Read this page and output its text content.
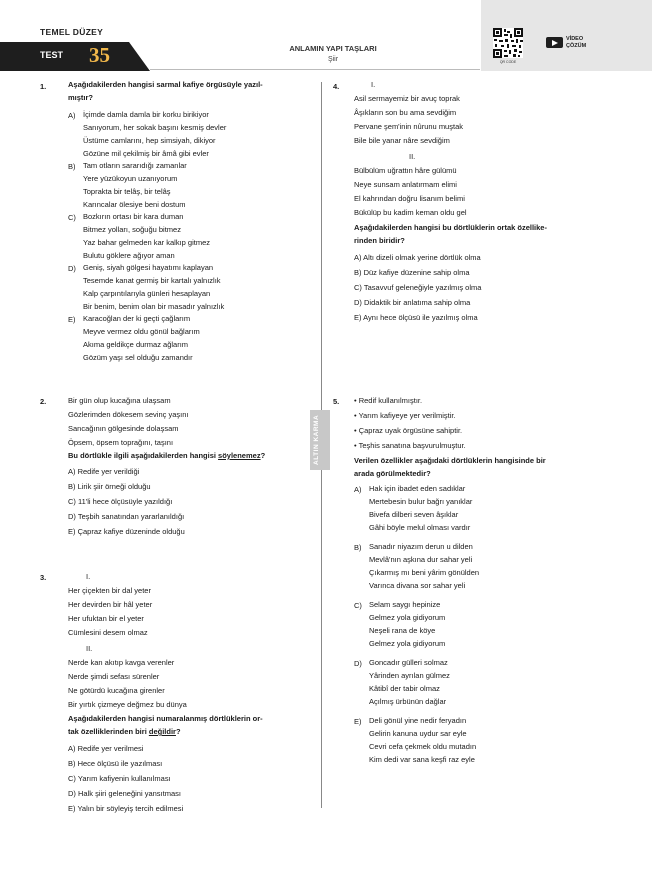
TEMEL DÜZEY
TEST 35	ANLAMIN YAPI TAŞLARI
Şiir	QR CODE
VİDEO
ÇÖZÜM
ALTIN KARMA
1.	Aşağıdakilerden hangisi sarmal kafiye örgüsüyle yazıl-
mıştır?
A) İçimde damla damla bir korku birikiyor
Sanıyorum, her sokak başını kesmiş devler
Üstüme camlarını, hep simsiyah, dikiyor
Gözüne mil çekilmiş bir âmâ gibi evler
B) Tam otların sararıdığı zamanlar
Yere yüzükoyun uzanıyorum
Toprakta bir telâş, bir telâş
Karıncalar ölesiye beni dostum
C) Bozkırın ortası bir kara duman
Bitmez yolları, soğuğu bitmez
Yaz bahar gelmeden kar kalkıp gitmez
Bulutu göklere ağıyor aman
D) Geniş, siyah gölgesi hayatımı kaplayan
Tesemde kanat germiş bir kartalı yalnızlık
Kalp çarpıntılarıyla günleri hesaplayan
Bir benim, benim olan bir masadır yalnızlık
E) Karacoğlan der ki geçti çağlarım
Meyve vermez oldu gönül bağlarım
Akıma geldikçe durmaz ağlarım
Gözüm yaşı sel olduğu zamandır
2.	Bir gün olup kucağına ulaşsam
Gözlerimden dökesem sevinç yaşını
Sancağının gölgesinde dolaşsam
Öpsem, öpsem toprağını, taşını
Bu dörtlükle ilgili aşağıdakilerden hangisi söylenemez?
A) Redife yer verildiği
B) Lirik şiir örneği olduğu
C) 11'li hece ölçüsüyle yazıldığı
D) Teşbih sanatından yararlanıldığı
E) Çapraz kafiye düzeninde olduğu
3.	I.
Her çiçekten bir dal yeter
Her devirden bir hâl yeter
Her ufuktan bir el yeter
Cümlesini desem olmaz
II.
Nerde kan akıtıp kavga verenler
Nerde şimdi sefası sürenler
Ne götürdü kucağına girenler
Bir yırtık çizmeye değmez bu dünya
Aşağıdakilerden hangisi numaralanmış dörtlüklerin or-
tak özelliklerinden biri değildir?
A) Redife yer verilmesi
B) Hece ölçüsü ile yazılması
C) Yarım kafiyenin kullanılması
D) Halk şiiri geleneğini yansıtması
E) Yalın bir söyleyiş tercih edilmesi
4.	I.
Asil sermayemiz bir avuç toprak
Âşıkların son bu ama sevdiğim
Pervane şem'inin nûrunu muştak
Bile bile yanar nâre sevdiğim
II.
Bülbülüm uğrattın hâre gülümü
Neye sunsam anlatırmam elimi
El kahrından doğru lisanım belimi
Bükülüp bu kadim keman oldu gel
Aşağıdakilerden hangisi bu dörtlüklerin ortak özellike-
rinden biridir?
A) Altı dizeli olmak yerine dörtlük olma
B) Düz kafiye düzenine sahip olma
C) Tasavvuf geleneğiyle yazılmış olma
D) Didaktik bir anlatıma sahip olma
E) Aynı hece ölçüsü ile yazılmış olma
5. • Redif kullanılmıştır.
• Yarım kafiyeye yer verilmiştir.
• Çapraz uyak örgüsüne sahiptir.
• Teşhis sanatına başvurulmuştur.
Verilen özellikler aşağıdaki dörtlüklerin hangisinde bir
arada görülmektedir?
A) Hak için ibadet eden sadıklar
Mertebesin bulur bağrı yanıklar
Bivefa dilberi seven âşıklar
Gâhi böyle melul olması vardır
B) Sanadır niyazım derun u dilden
Mevlâ'nın aşkına dur sahar yeli
Çıkarmış mı beni yârim gönülden
Varınca divana sor sahar yeli
C) Selam saygı hepinize
Gelmez yola gidiyorum
Neşeli rana de köye
Gelmez yola gidiyorum
D) Goncadır gülleri solmaz
Yârinden ayrılan gülmez
Kâtibî der tabir olmaz
Açılmış ürbünün dağlar
E) Deli gönül yine nedir feryadın
Gelirin kanuna uydur sar eyle
Cevri cefa çekmek oldu mutadın
Kim dedi var sana keşfi raz eyle
